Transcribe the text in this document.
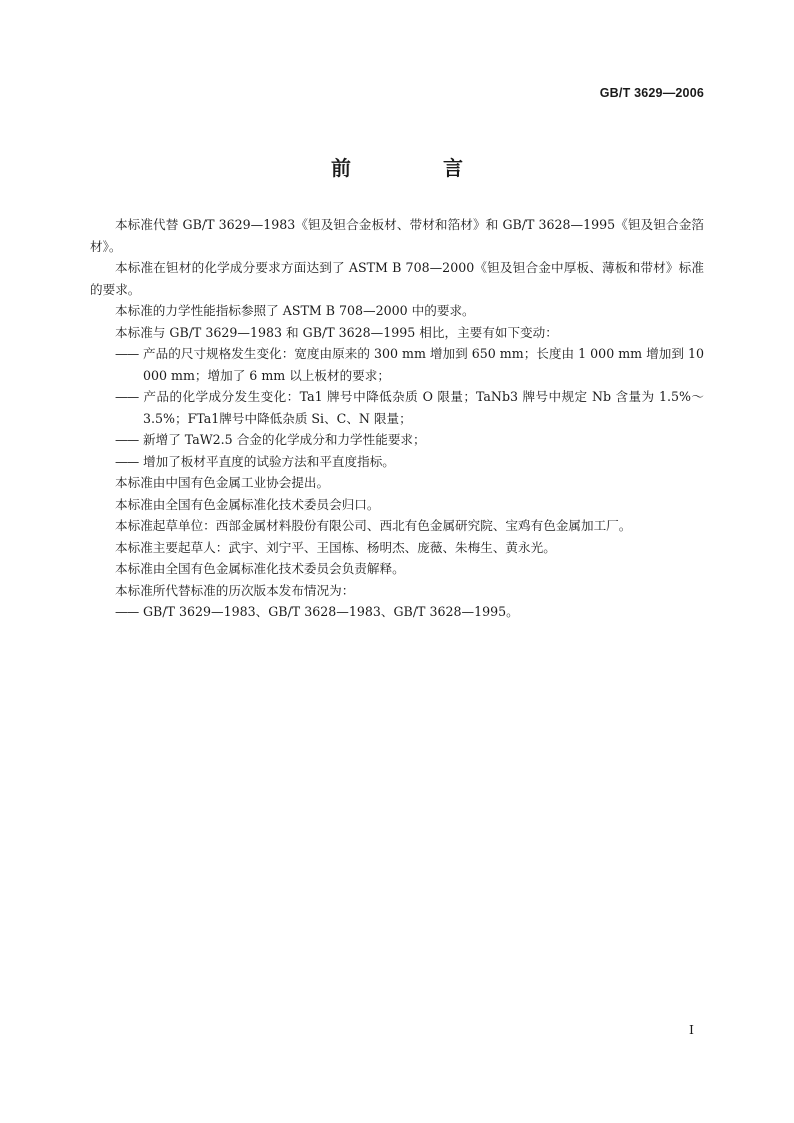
GB/T 3629—2006
前　言

本标准代替 GB/T 3629—1983《钽及钽合金板材、带材和箔材》和 GB/T 3628—1995《钽及钽合金箔材》。

本标准在钽材的化学成分要求方面达到了 ASTM B 708—2000《钽及钽合金中厚板、薄板和带材》标准的要求。

本标准的力学性能指标参照了 ASTM B 708—2000 中的要求。

本标准与 GB/T 3629—1983 和 GB/T 3628—1995 相比，主要有如下变动：

—— 产品的尺寸规格发生变化：宽度由原来的 300 mm 增加到 650 mm；长度由 1 000 mm 增加到 10 000 mm；增加了 6 mm 以上板材的要求；

—— 产品的化学成分发生变化：Ta1 牌号中降低杂质 O 限量；TaNb3 牌号中规定 Nb 含量为 1.5%～3.5%；FTa1牌号中降低杂质 Si、C、N 限量；

—— 新增了 TaW2.5 合金的化学成分和力学性能要求；

—— 增加了板材平直度的试验方法和平直度指标。

本标准由中国有色金属工业协会提出。

本标准由全国有色金属标准化技术委员会归口。

本标准起草单位：西部金属材料股份有限公司、西北有色金属研究院、宝鸡有色金属加工厂。

本标准主要起草人：武宇、刘宁平、王国栋、杨明杰、庞薇、朱梅生、黄永光。

本标准由全国有色金属标准化技术委员会负责解释。

本标准所代替标准的历次版本发布情况为：

—— GB/T 3629—1983、GB/T 3628—1983、GB/T 3628—1995。

I
